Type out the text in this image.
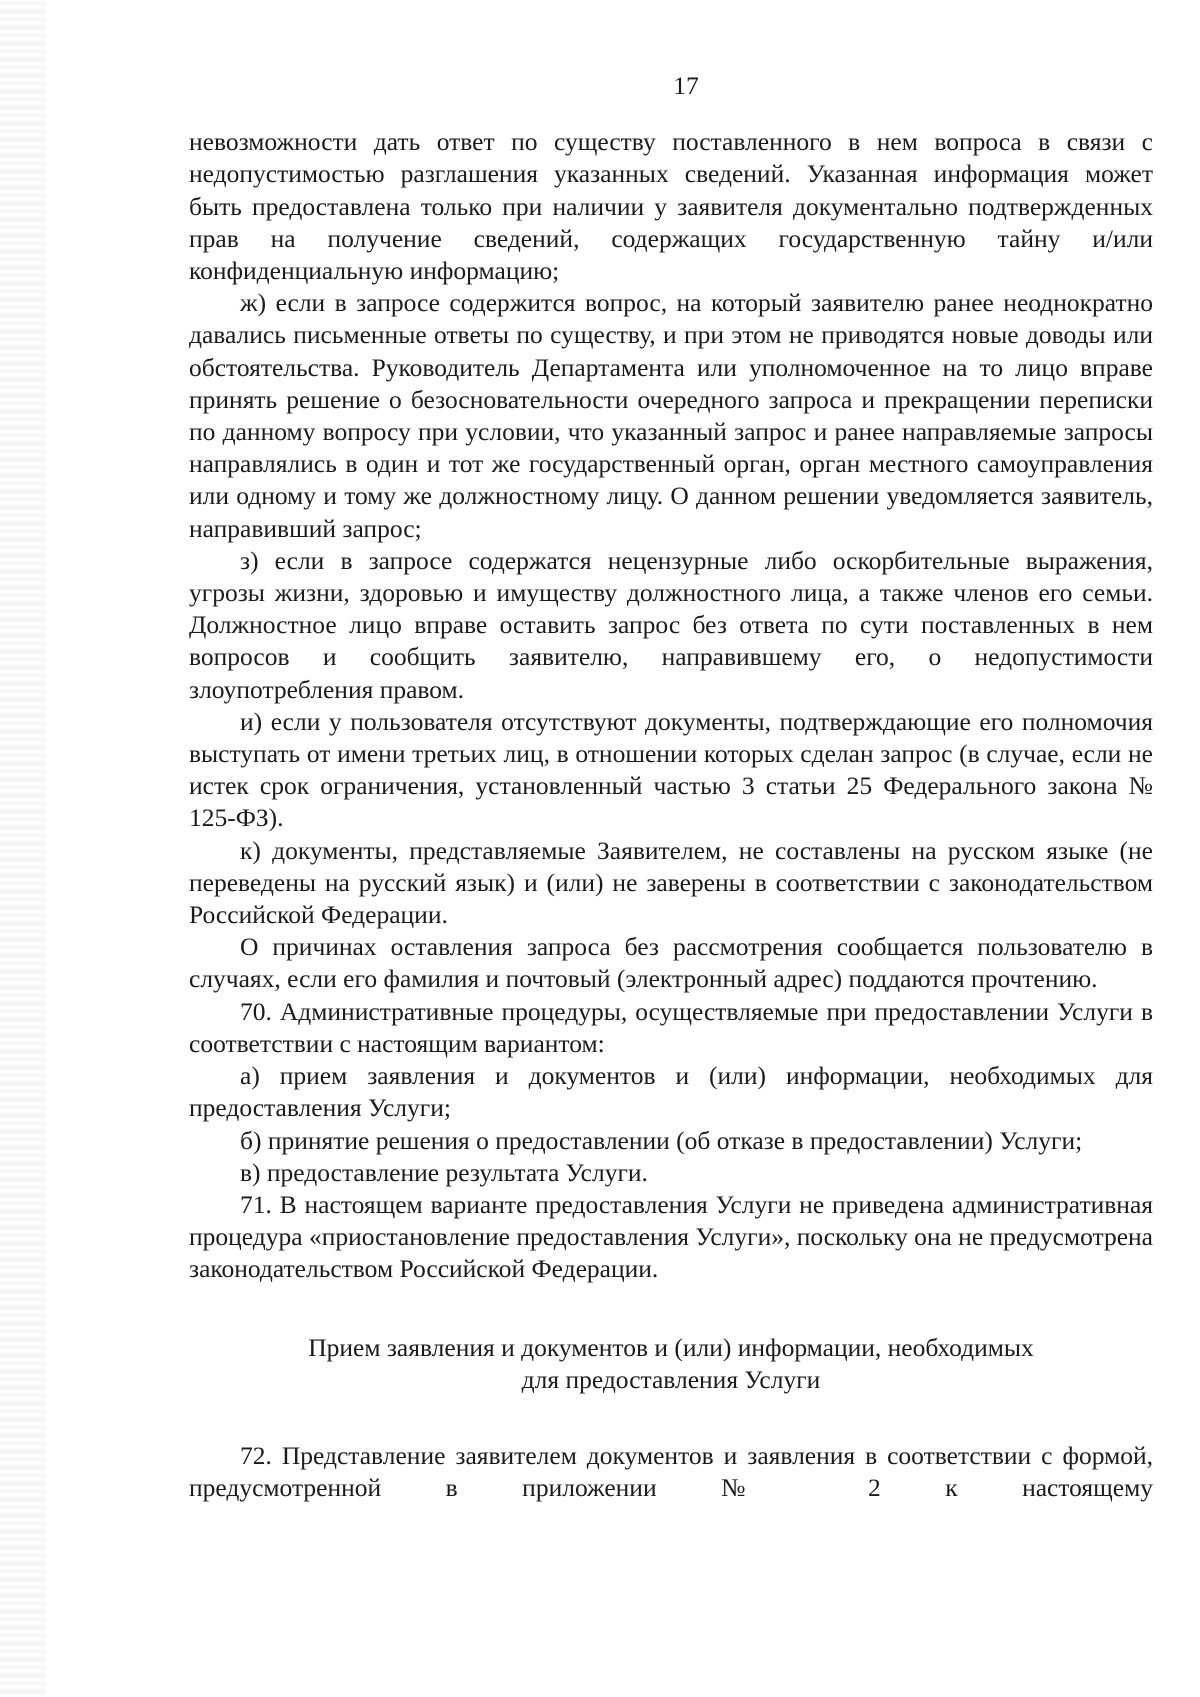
17

невозможности дать ответ по существу поставленного в нем вопроса в связи с недопустимостью разглашения указанных сведений. Указанная информация может быть предоставлена только при наличии у заявителя документально подтвержденных прав на получение сведений, содержащих государственную тайну и/или конфиденциальную информацию;

ж) если в запросе содержится вопрос, на который заявителю ранее неоднократно давались письменные ответы по существу, и при этом не приводятся новые доводы или обстоятельства. Руководитель Департамента или уполномоченное на то лицо вправе принять решение о безосновательности очередного запроса и прекращении переписки по данному вопросу при условии, что указанный запрос и ранее направляемые запросы направлялись в один и тот же государственный орган, орган местного самоуправления или одному и тому же должностному лицу. О данном решении уведомляется заявитель, направивший запрос;

з) если в запросе содержатся нецензурные либо оскорбительные выражения, угрозы жизни, здоровью и имуществу должностного лица, а также членов его семьи. Должностное лицо вправе оставить запрос без ответа по сути поставленных в нем вопросов и сообщить заявителю, направившему его, о недопустимости злоупотребления правом.

и) если у пользователя отсутствуют документы, подтверждающие его полномочия выступать от имени третьих лиц, в отношении которых сделан запрос (в случае, если не истек срок ограничения, установленный частью 3 статьи 25 Федерального закона № 125-ФЗ).

к) документы, представляемые Заявителем, не составлены на русском языке (не переведены на русский язык) и (или) не заверены в соответствии с законодательством Российской Федерации.

О причинах оставления запроса без рассмотрения сообщается пользователю в случаях, если его фамилия и почтовый (электронный адрес) поддаются прочтению.

70. Административные процедуры, осуществляемые при предоставлении Услуги в соответствии с настоящим вариантом:

а) прием заявления и документов и (или) информации, необходимых для предоставления Услуги;

б) принятие решения о предоставлении (об отказе в предоставлении) Услуги;

в) предоставление результата Услуги.

71. В настоящем варианте предоставления Услуги не приведена административная процедура «приостановление предоставления Услуги», поскольку она не предусмотрена законодательством Российской Федерации.

Прием заявления и документов и (или) информации, необходимых
для предоставления Услуги

72. Представление заявителем документов и заявления в соответствии с формой, предусмотренной в приложении № 2 к настоящему
